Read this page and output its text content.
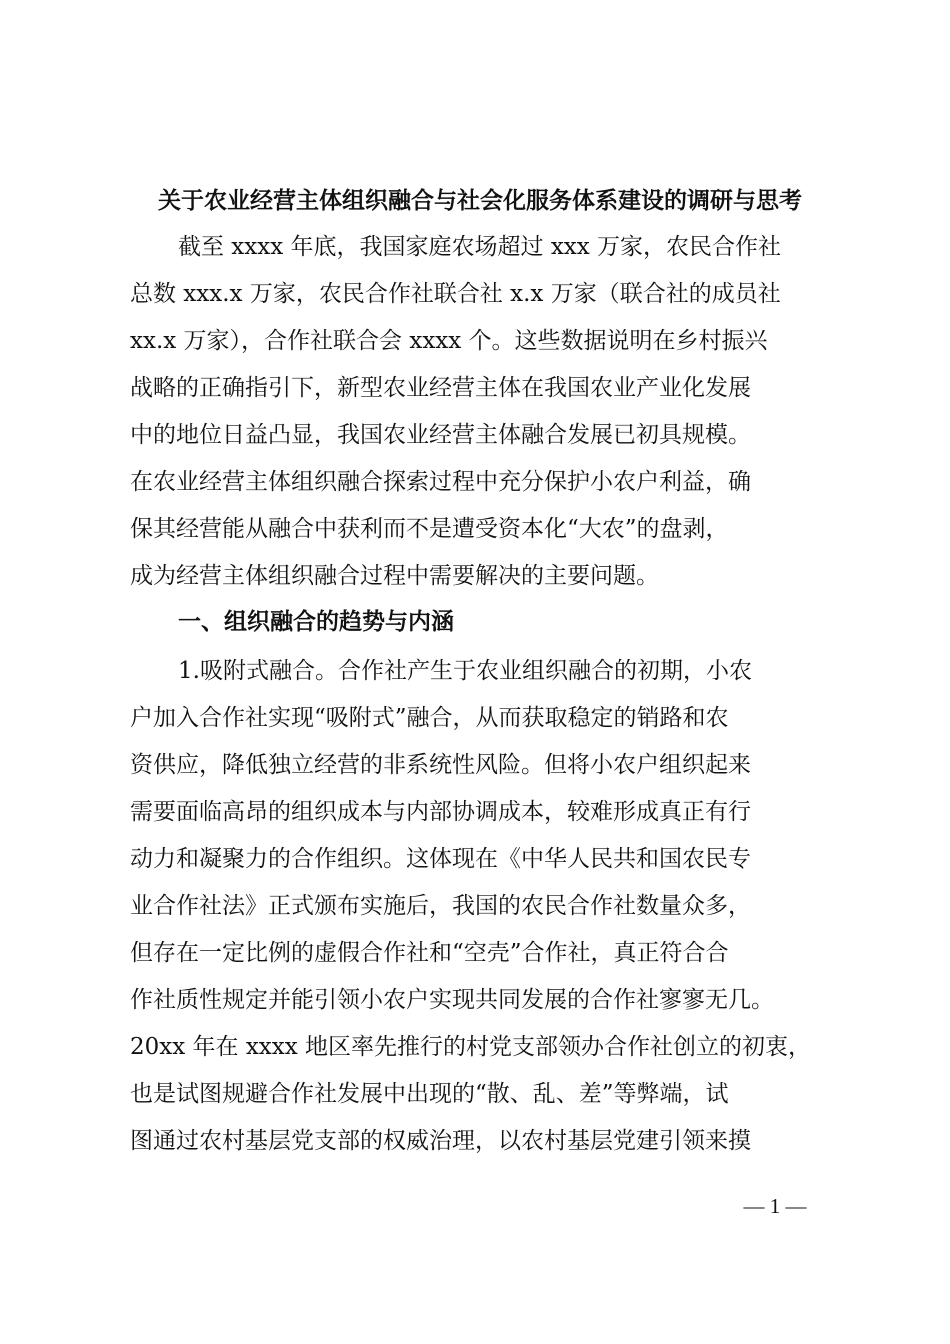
关于农业经营主体组织融合与社会化服务体系建设的调研与思考

截至 xxxx 年底，我国家庭农场超过 xxx 万家，农民合作社

总数 xxx.x 万家，农民合作社联合社 x.x 万家（联合社的成员社

xx.x 万家），合作社联合会 xxxx 个。这些数据说明在乡村振兴

战略的正确指引下，新型农业经营主体在我国农业产业化发展

中的地位日益凸显，我国农业经营主体融合发展已初具规模。

在农业经营主体组织融合探索过程中充分保护小农户利益，确

保其经营能从融合中获利而不是遭受资本化“大农”的盘剥，

成为经营主体组织融合过程中需要解决的主要问题。

一、组织融合的趋势与内涵

1.吸附式融合。合作社产生于农业组织融合的初期，小农

户加入合作社实现“吸附式”融合，从而获取稳定的销路和农

资供应，降低独立经营的非系统性风险。但将小农户组织起来

需要面临高昂的组织成本与内部协调成本，较难形成真正有行

动力和凝聚力的合作组织。这体现在《中华人民共和国农民专

业合作社法》正式颁布实施后，我国的农民合作社数量众多，

但存在一定比例的虚假合作社和“空壳”合作社，真正符合合

作社质性规定并能引领小农户实现共同发展的合作社寥寥无几。

20xx 年在 xxxx 地区率先推行的村党支部领办合作社创立的初衷，

也是试图规避合作社发展中出现的“散、乱、差”等弊端，试

图通过农村基层党支部的权威治理，以农村基层党建引领来摸

— 1 —
